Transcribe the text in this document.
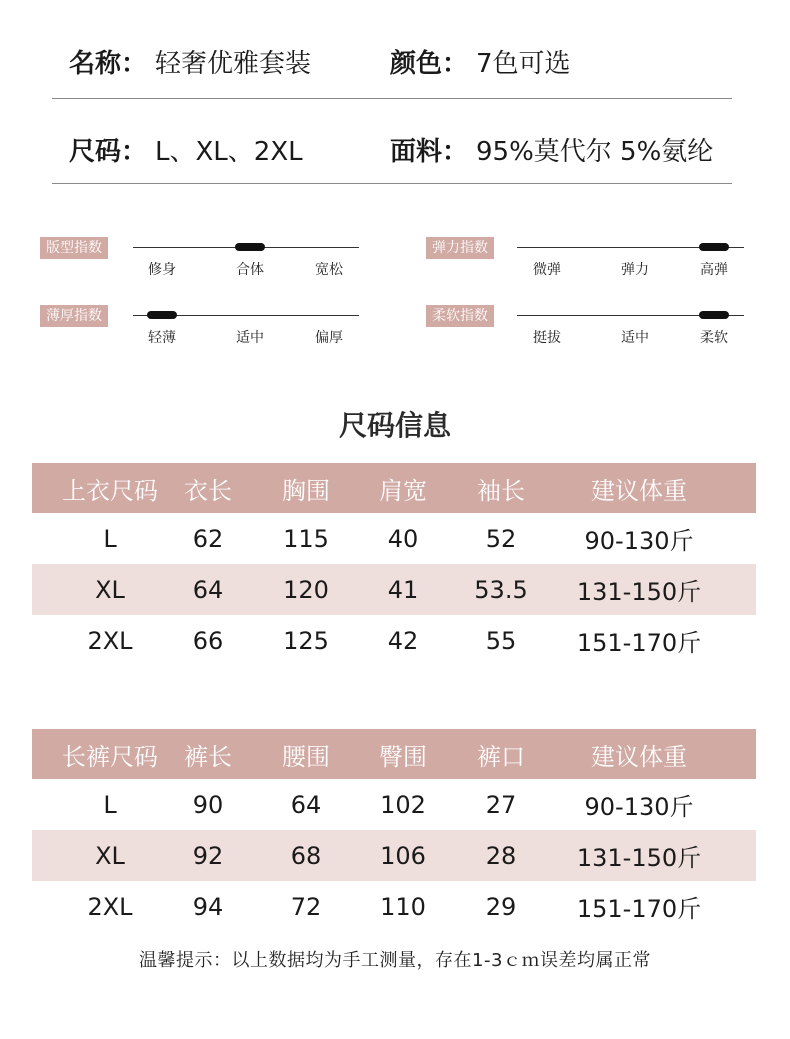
名称： 轻奢优雅套装	颜色： 7色可选
尺码： L、XL、2XL	面料： 95%莫代尔 5%氨纶
版型指数
修身	合体	宽松
弹力指数
微弹	弹力	高弹
薄厚指数
轻薄	适中	偏厚
柔软指数
挺拔	适中	柔软
尺码信息
上衣尺码 衣长 胸围 肩宽 袖长	建议体重
L	62 115 40	52	90-130斤
XL	64 120 41 53.5 131-150斤
2XL	66 125 42	55	151-170斤
长裤尺码 裤长 腰围 臀围 裤口	建议体重
L	90	64 102 27	90-130斤
XL	92	68 106 28	131-150斤
2XL	94	72 110 29	151-170斤
温馨提示：以上数据均为手工测量，存在1-3ｃｍ误差均属正常
